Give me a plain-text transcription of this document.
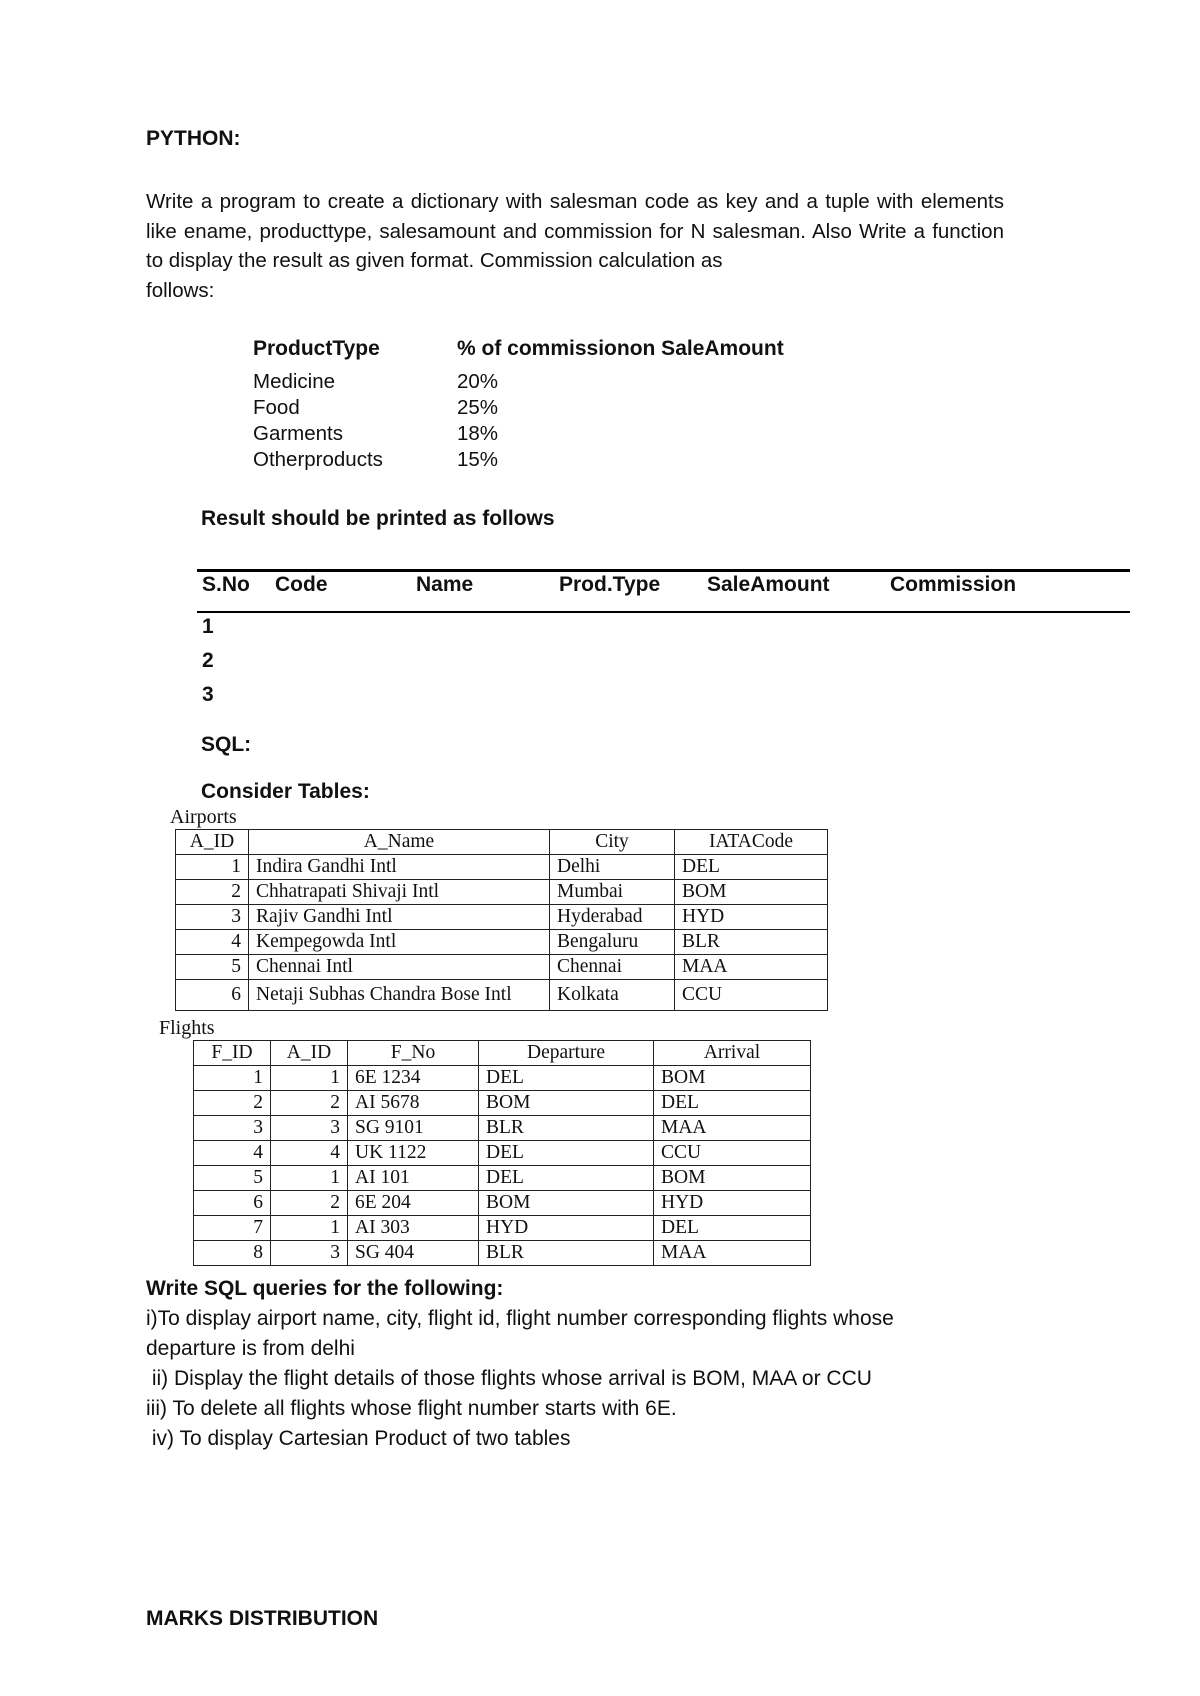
PYTHON:
Write a program to create a dictionary with salesman code as key and a tuple with elements like ename, producttype, salesamount and commission for N salesman. Also Write a function to display the result as given format. Commission calculation as
follows:
ProductType	% of commissionon SaleAmount
Medicine	20%
Food	25%
Garments	18%
Otherproducts	15%
Result should be printed as follows
S.No Code	Name	Prod.Type SaleAmount	Commission
1
2
3
SQL:
Consider Tables:
Airports
A_ID	A_Name	City	IATACode
1	Indira Gandhi Intl	Delhi	DEL
2	Chhatrapati Shivaji Intl	Mumbai	BOM
3	Rajiv Gandhi Intl	Hyderabad	HYD
4	Kempegowda Intl	Bengaluru	BLR
5	Chennai Intl	Chennai	MAA
6	Netaji Subhas Chandra Bose Intl	Kolkata	CCU
Flights
F_ID	A_ID	F_No	Departure	Arrival
1	1	6E 1234	DEL	BOM
2	2	AI 5678	BOM	DEL
3	3	SG 9101	BLR	MAA
4	4	UK 1122	DEL	CCU
5	1	AI 101	DEL	BOM
6	2	6E 204	BOM	HYD
7	1	AI 303	HYD	DEL
8	3	SG 404	BLR	MAA
Write SQL queries for the following:
i)To display airport name, city, flight id, flight number corresponding flights whose
departure is from delhi
ii) Display the flight details of those flights whose arrival is BOM, MAA or CCU
iii) To delete all flights whose flight number starts with 6E.
iv) To display Cartesian Product of two tables
MARKS DISTRIBUTION
